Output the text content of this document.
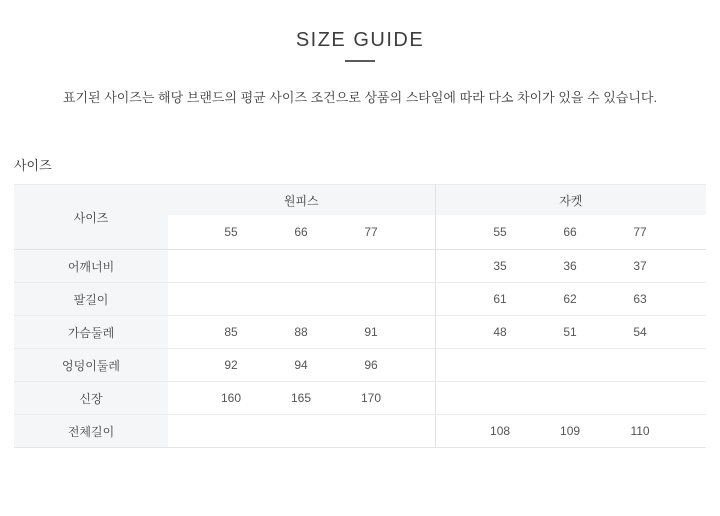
SIZE GUIDE

표기된 사이즈는 해당 브랜드의 평균 사이즈 조건으로 상품의 스타일에 따라 다소 차이가 있을 수 있습니다.

사이즈
사이즈	원피스					자켓				
		55	66	77			55	66	77	
어깨너비							35	36	37	
팔길이							61	62	63	
가슴둘레		85	88	91			48	51	54	
엉덩이둘레		92	94	96						
신장		160	165	170						
전체길이							108	109	110	
